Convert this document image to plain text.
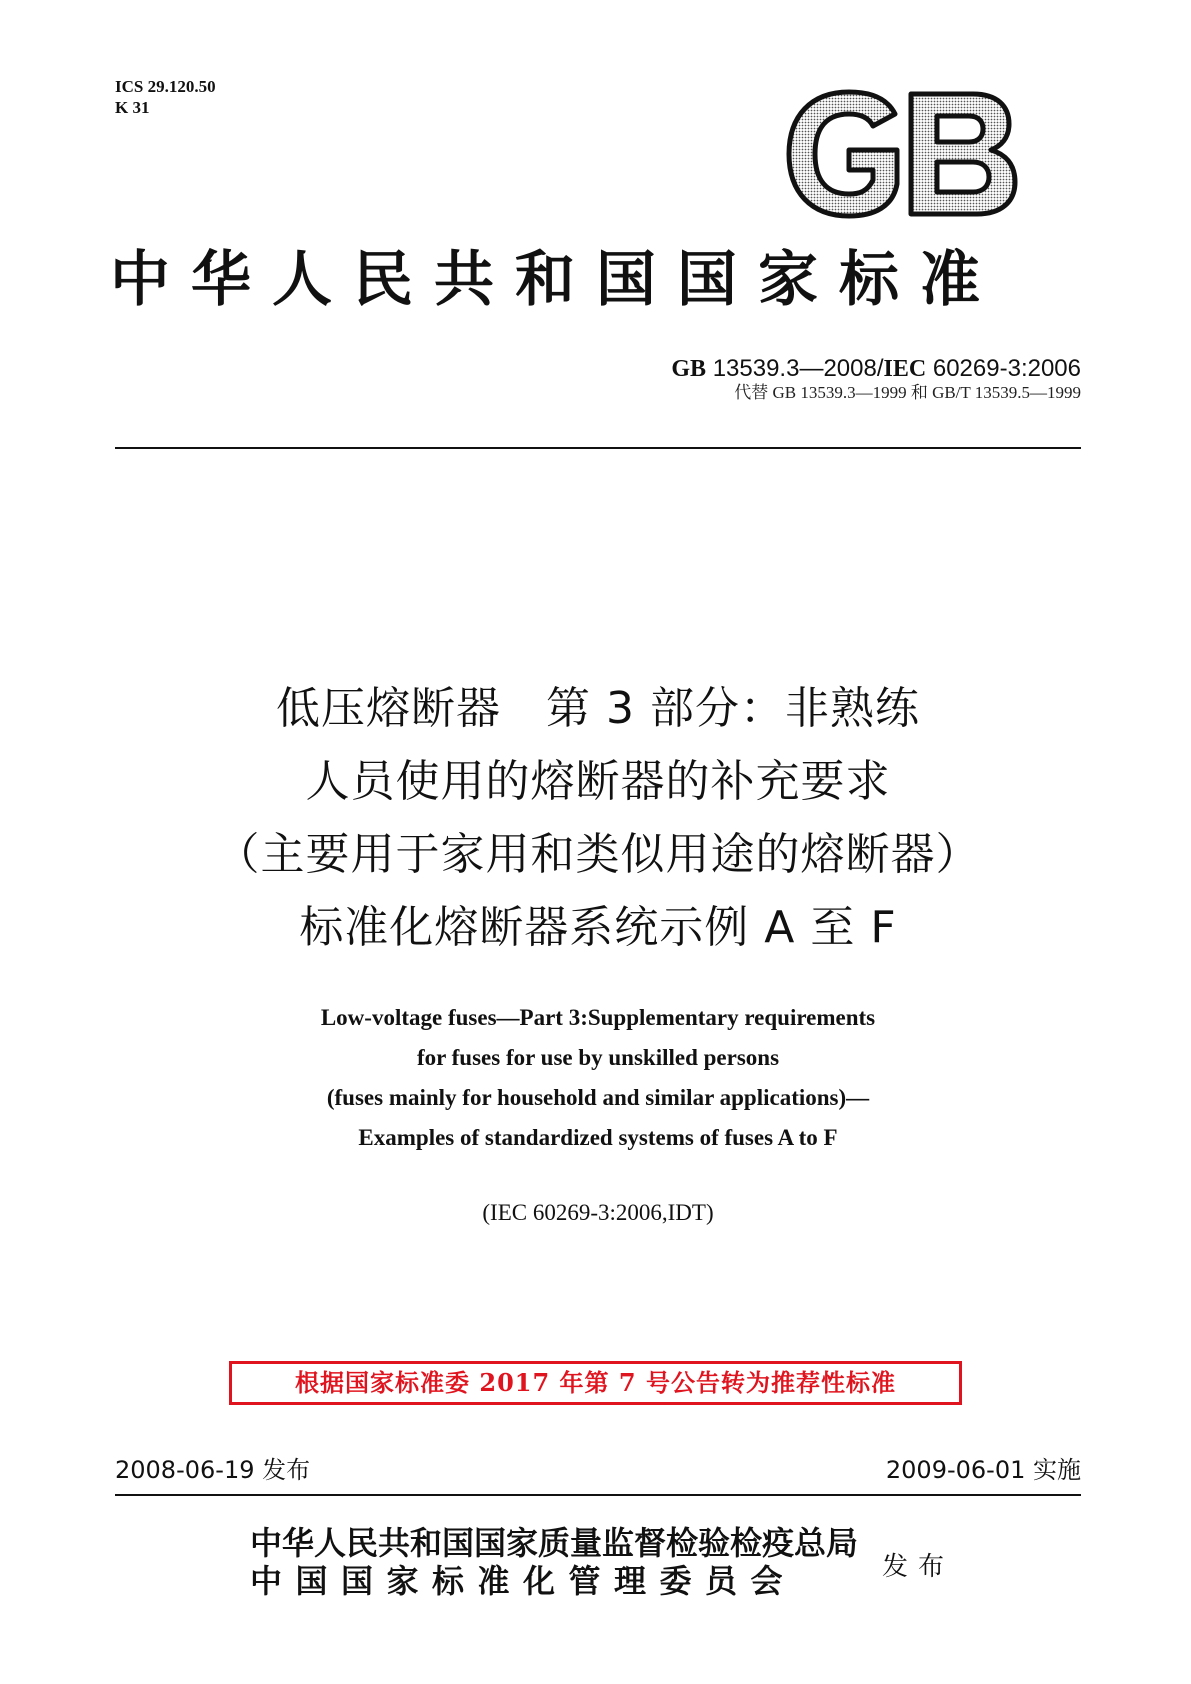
ICS 29.120.50
K 31
中华人民共和国国家标准
GB 13539.3—2008/IEC 60269-3:2006
代替 GB 13539.3—1999 和 GB/T 13539.5—1999
低压熔断器　第 3 部分：非熟练
人员使用的熔断器的补充要求
（主要用于家用和类似用途的熔断器）
标准化熔断器系统示例 A 至 F
Low-voltage fuses—Part 3:Supplementary requirements
for fuses for use by unskilled persons
(fuses mainly for household and similar applications)—
Examples of standardized systems of fuses A to F
(IEC 60269-3:2006,IDT)
根据国家标准委 2017 年第 7 号公告转为推荐性标准
2008-06-19 发布	2009-06-01 实施
中华人民共和国国家质量监督检验检疫总局
中国国家标准化管理委员会	发布
